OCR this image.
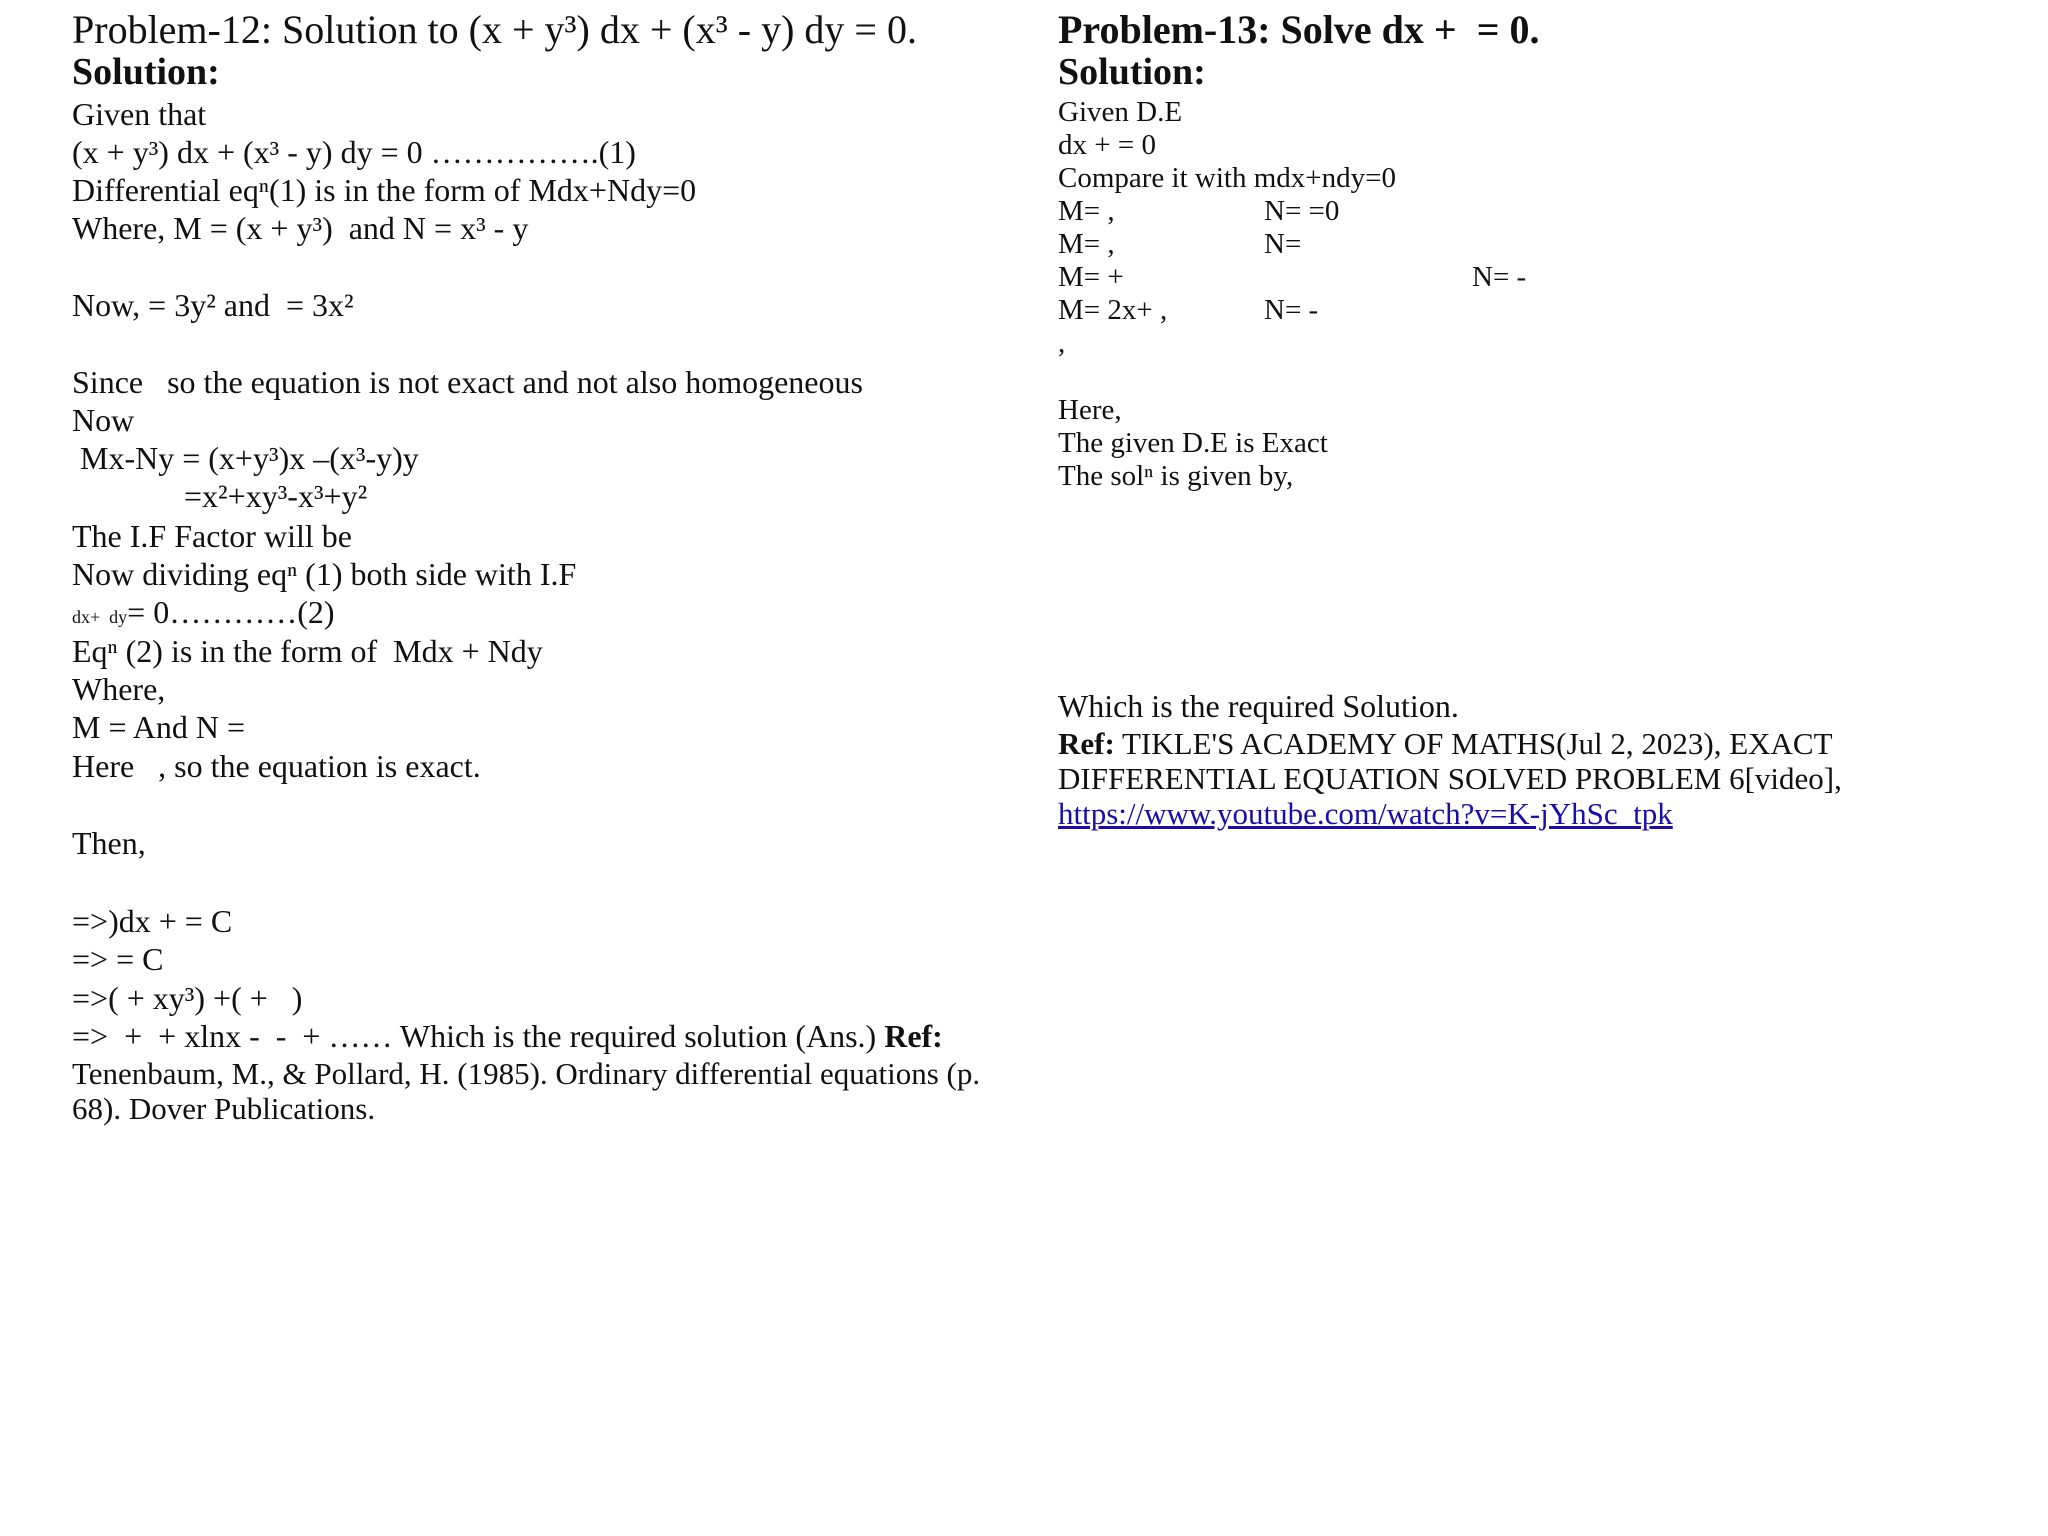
Problem-12: Solution to (x + y³) dx + (x³ - y) dy = 0.
Solution:
Given that
(x + y³) dx + (x³ - y) dy = 0 …………….(1)
Differential eqⁿ(1) is in the form of Mdx+Ndy=0
Where, M = (x + y³)  and N = x³ - y
Now, = 3y² and  = 3x²
Since   so the equation is not exact and not also homogeneous
Now
Mx-Ny = (x+y³)x –(x³-y)y
=x²+xy³-x³+y²
The I.F Factor will be
Now dividing eqⁿ (1) both side with I.F
dx+  dy= 0…………(2)
Eqⁿ (2) is in the form of  Mdx + Ndy
Where,
M = And N =
Here   , so the equation is exact.
Then,
=>)dx + = C
=> = C
=>( + xy³) +( +   )
=>  +  + xlnx -  -  + …… Which is the required solution (Ans.) Ref:
Tenenbaum, M., & Pollard, H. (1985). Ordinary differential equations (p.
68). Dover Publications.
Problem-13: Solve dx +  = 0.
Solution:
Given D.E
dx + = 0
Compare it with mdx+ndy=0
M= ,	N= =0
M= ,	N=
M= +	N= -
M= 2x+ ,	N= -
,
Here,
The given D.E is Exact
The solⁿ is given by,
Which is the required Solution.
Ref: TIKLE'S ACADEMY OF MATHS(Jul 2, 2023), EXACT
DIFFERENTIAL EQUATION SOLVED PROBLEM 6[video],
https://www.youtube.com/watch?v=K-jYhSc_tpk
